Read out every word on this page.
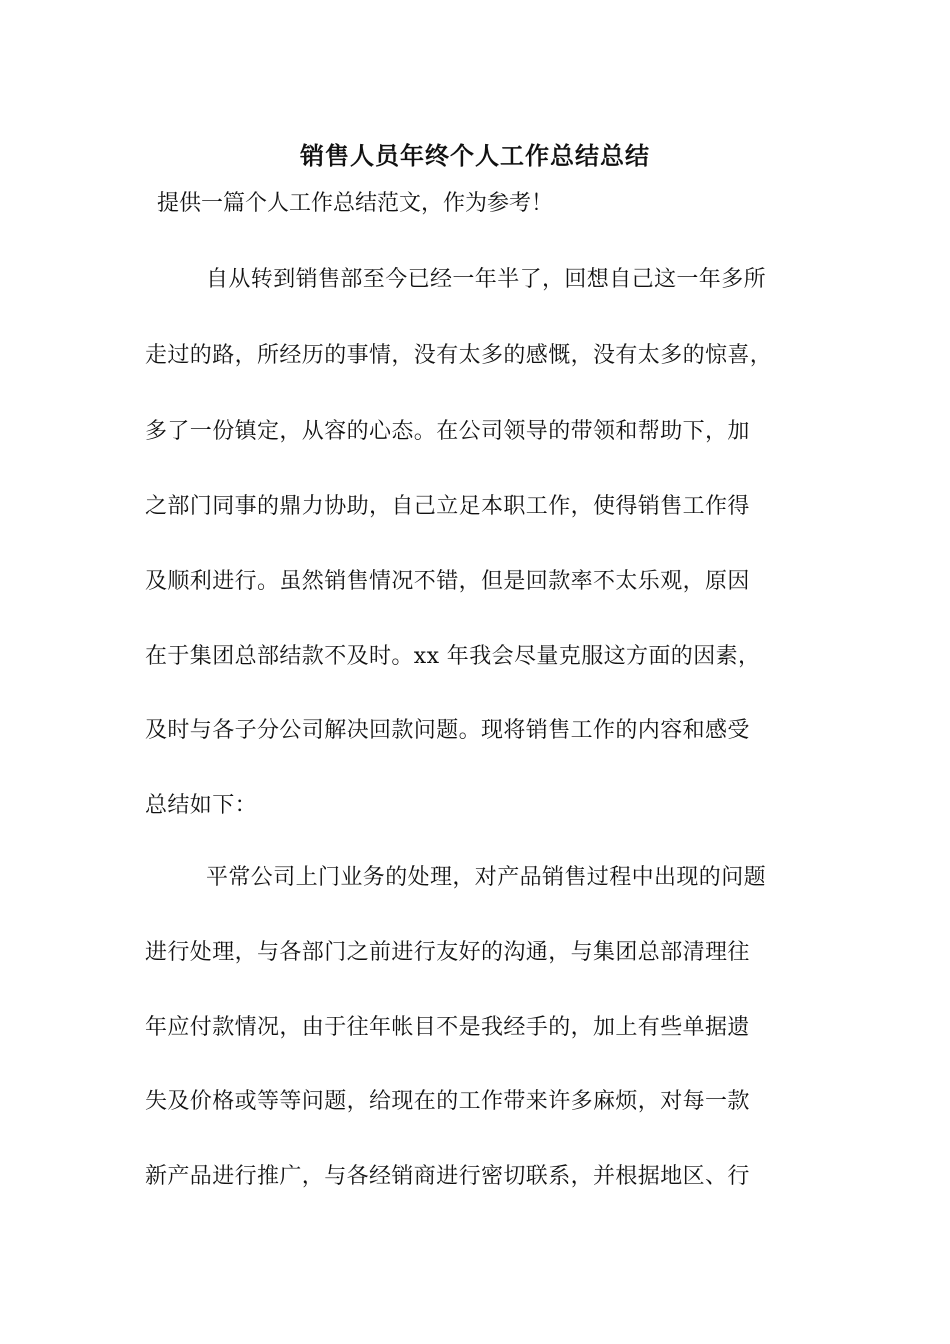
销售人员年终个人工作总结总结
提供一篇个人工作总结范文，作为参考！
自从转到销售部至今已经一年半了，回想自己这一年多所
走过的路，所经历的事情，没有太多的感慨，没有太多的惊喜，
多了一份镇定，从容的心态。在公司领导的带领和帮助下，加
之部门同事的鼎力协助，自己立足本职工作，使得销售工作得
及顺利进行。虽然销售情况不错，但是回款率不太乐观，原因
在于集团总部结款不及时。xx 年我会尽量克服这方面的因素，
及时与各子分公司解决回款问题。现将销售工作的内容和感受
总结如下：
平常公司上门业务的处理，对产品销售过程中出现的问题
进行处理，与各部门之前进行友好的沟通，与集团总部清理往
年应付款情况，由于往年帐目不是我经手的，加上有些单据遗
失及价格或等等问题，给现在的工作带来许多麻烦，对每一款
新产品进行推广，与各经销商进行密切联系，并根据地区、行
